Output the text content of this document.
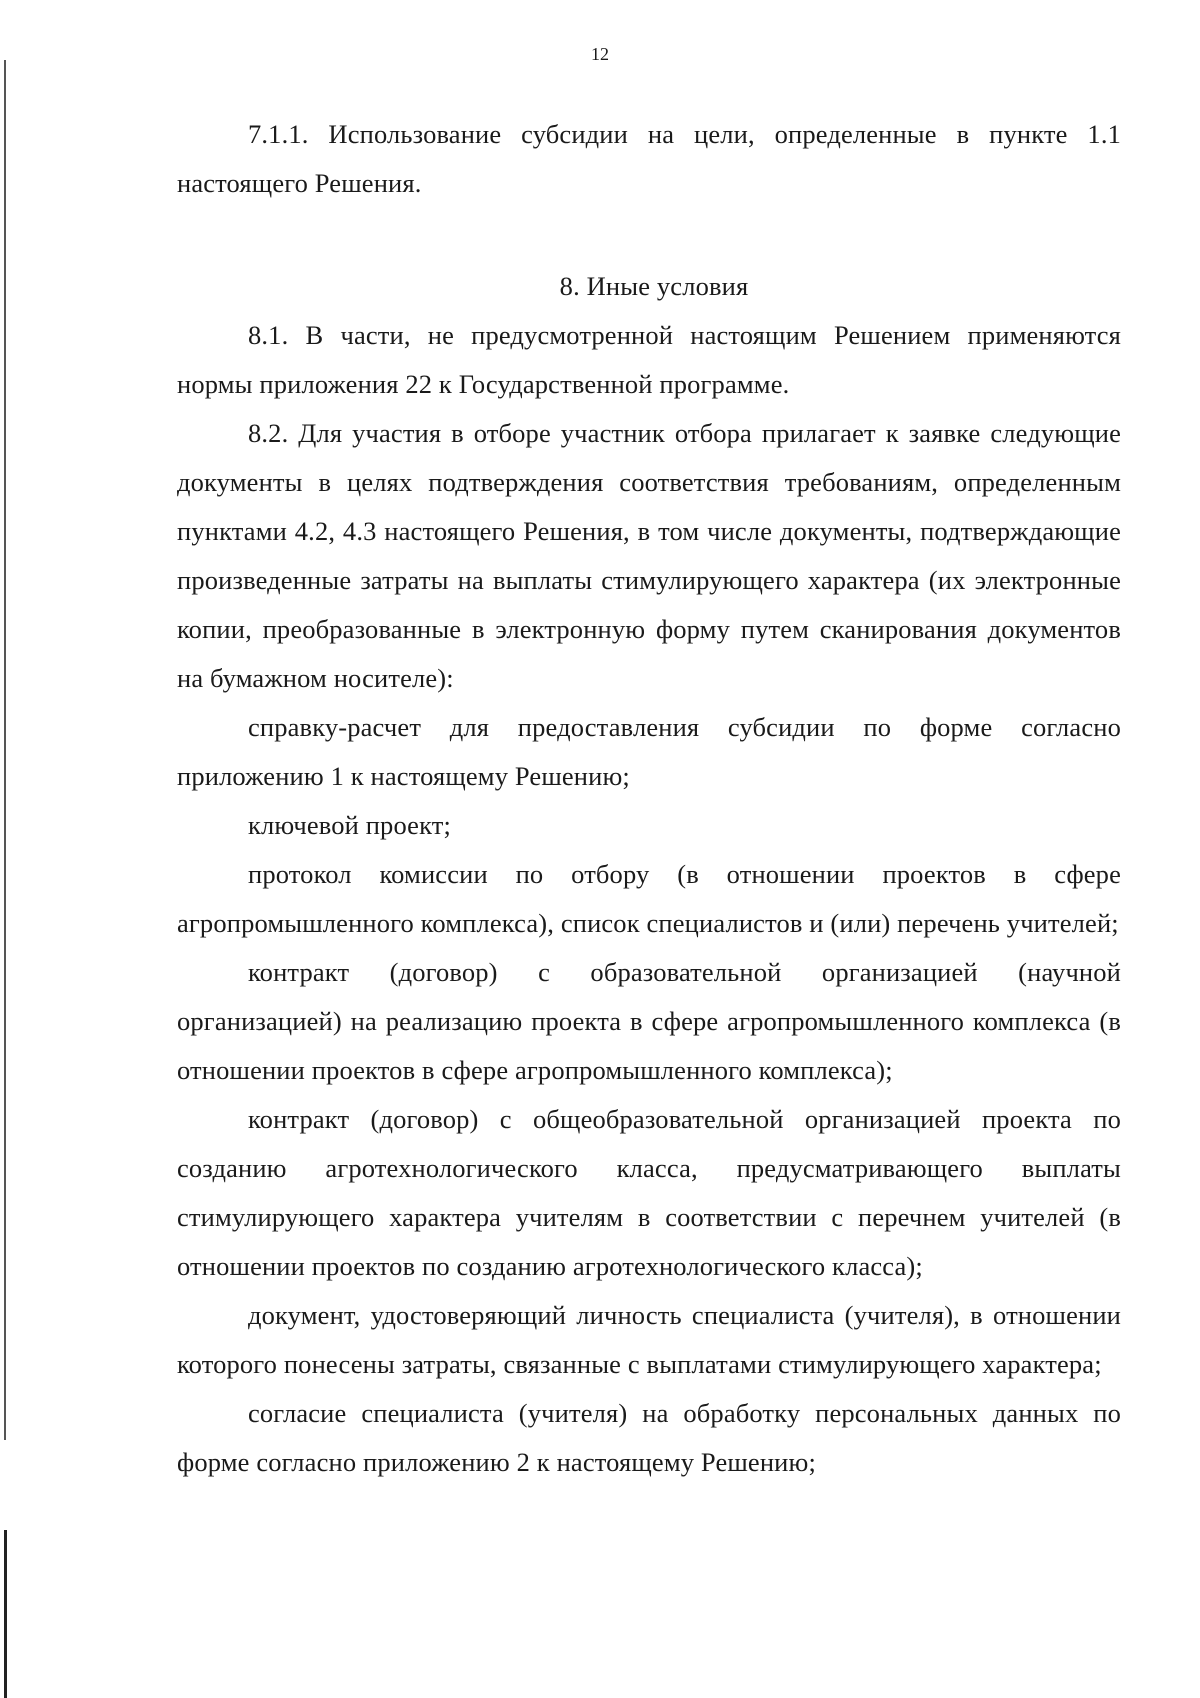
12

7.1.1. Использование субсидии на цели, определенные в пункте 1.1 настоящего Решения.

8. Иные условия

8.1. В части, не предусмотренной настоящим Решением применяются нормы приложения 22 к Государственной программе.

8.2. Для участия в отборе участник отбора прилагает к заявке следующие документы в целях подтверждения соответствия требованиям, определенным пунктами 4.2, 4.3 настоящего Решения, в том числе документы, подтверждающие произведенные затраты на выплаты стимулирующего характера (их электронные копии, преобразованные в электронную форму путем сканирования документов на бумажном носителе):

справку-расчет для предоставления субсидии по форме согласно приложению 1 к настоящему Решению;

ключевой проект;

протокол комиссии по отбору (в отношении проектов в сфере агропромышленного комплекса), список специалистов и (или) перечень учителей;

контракт (договор) с образовательной организацией (научной организацией) на реализацию проекта в сфере агропромышленного комплекса (в отношении проектов в сфере агропромышленного комплекса);

контракт (договор) с общеобразовательной организацией проекта по созданию агротехнологического класса, предусматривающего выплаты стимулирующего характера учителям в соответствии с перечнем учителей (в отношении проектов по созданию агротехнологического класса);

документ, удостоверяющий личность специалиста (учителя), в отношении которого понесены затраты, связанные с выплатами стимулирующего характера;

согласие специалиста (учителя) на обработку персональных данных по форме согласно приложению 2 к настоящему Решению;
